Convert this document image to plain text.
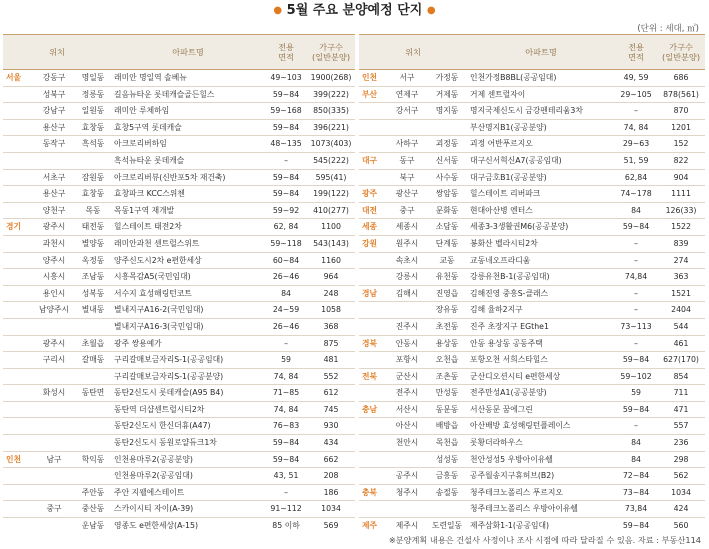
● 5월 주요 분양예정 단지 ●
(단위 : 세대, ㎡)
위치			아파트명	전용
면적	가구수
(일반분양)
서울	강동구	명일동	래미안 명일역 솔베뉴	49~103	1900(268)
	성북구	정릉동	길음뉴타운 롯데캐슬골든힐스	59~84	399(222)
	강남구	일원동	래미안 루체하임	59~168	850(335)
	용산구	효창동	효창5구역 롯데캐슬	59~84	396(221)
	동작구	흑석동	아크로리버하임	48~135	1073(403)
			흑석뉴타운 롯데캐슬	–	545(222)
	서초구	잠원동	아크로리버뷰(신반포5차 재건축)	59~84	595(41)
	용산구	효창동	효창파크 KCC스위첸	59~84	199(122)
	양천구	목동	목동1구역 재개발	59~92	410(277)
경기	광주시	태전동	힐스테이트 태전2차	62, 84	1100
	과천시	별양동	래미안과천 센트럴스위트	59~118	543(143)
	양주시	옥정동	양주신도시2차 e편한세상	60~84	1160
	시흥시	조남동	시흥목감A5(국민임대)	26~46	964
	용인시	성복동	서수지 효성해링턴코트	84	248
	남양주시	별내동	별내지구A16-2(국민임대)	24~59	1058
			별내지구A16-3(국민임대)	26~46	368
	광주시	초월읍	광주 쌍용예가	–	875
	구리시	갈매동	구리갈매보금자리S-1(공공임대)	59	481
			구리갈매보금자리S-1(공공분양)	74, 84	552
	화성시	동탄면	동탄2신도시 롯데캐슬(A95 B4)	71~85	612
			동탄역 더샵센트럴시티2차	74, 84	745
			동탄2신도시 한신더휴(A47)	76~83	930
			동탄2신도시 동원로얄듀크1차	59~84	434
인천	남구	학익동	인천용마루2(공공분양)	59~84	662
			인천용마루2(공공임대)	43, 51	208
		주안동	주안 지웰에스테이트	–	186
	중구	중산동	스카이시티 자이(A-39)	91~112	1034
		운남동	영종도 e편한세상(A-15)	85 이하	569
위치			아파트명	전용
면적	가구수
(일반분양)
인천	서구	가정동	인천가정B8BL(공공임대)	49, 59	686
부산	연제구	거제동	거제 센트럴자이	29~105	878(561)
	강서구	명지동	명지국제신도시 금강펜테리움3차	–	870
			부산명지B1(공공분양)	74, 84	1201
	사하구	괴정동	괴정 어반푸르지오	29~63	152
대구	동구	신서동	대구신서혁신A7(공공임대)	51, 59	822
	북구	사수동	대구금호B1(공공분양)	62,84	904
광주	광산구	쌍암동	힐스테이트 리버파크	74~178	1111
대전	중구	문화동	현대아산병 엔터스	84	126(33)
세종	세종시	소담동	세종3-3생활권M6(공공분양)	59~84	1522
강원	원주시	단계동	봉화산 벨라시티2차	–	839
	속초시	교동	교동네오프라디움	–	274
	강릉시	유천동	강릉유천B-1(공공임대)	74,84	363
경남	김해시	진영읍	김해진영 중흥S-클래스	–	1521
		장유동	김해 율하2지구	–	2404
	진주시	초전동	진주 초장지구 EGthe1	73~113	544
경북	안동시	용상동	안동 용상동 공동주택	–	461
	포항시	오천읍	포항오천 서희스타힐스	59~84	627(170)
전북	군산시	조촌동	군산디오션시티 e편한세상	59~102	854
	전주시	만성동	전주만성A1(공공분양)	59	711
충남	서산시	동문동	서산동문 꿈에그린	59~84	471
	아산시	배방읍	아산배방 효성해링턴플레이스	–	557
	천안시	목천읍	롯황더라하우스	84	236
		성성동	천안성성5 우방아이유쉘	84	298
	공주시	금흥동	공주월송지구휴허브(B2)	72~84	562
충북	청주시	송절동	청주테크노폴리스 푸르지오	73~84	1034
			청주테크노폴리스 우방아이유쉘	73,84	424
제주	제주시	도련일동	제주삼화1-1(공공임대)	59~84	560
※분양계획 내용은 건설사 사정이나 조사 시점에 따라 달라질 수 있음. 자료 : 부동산114
